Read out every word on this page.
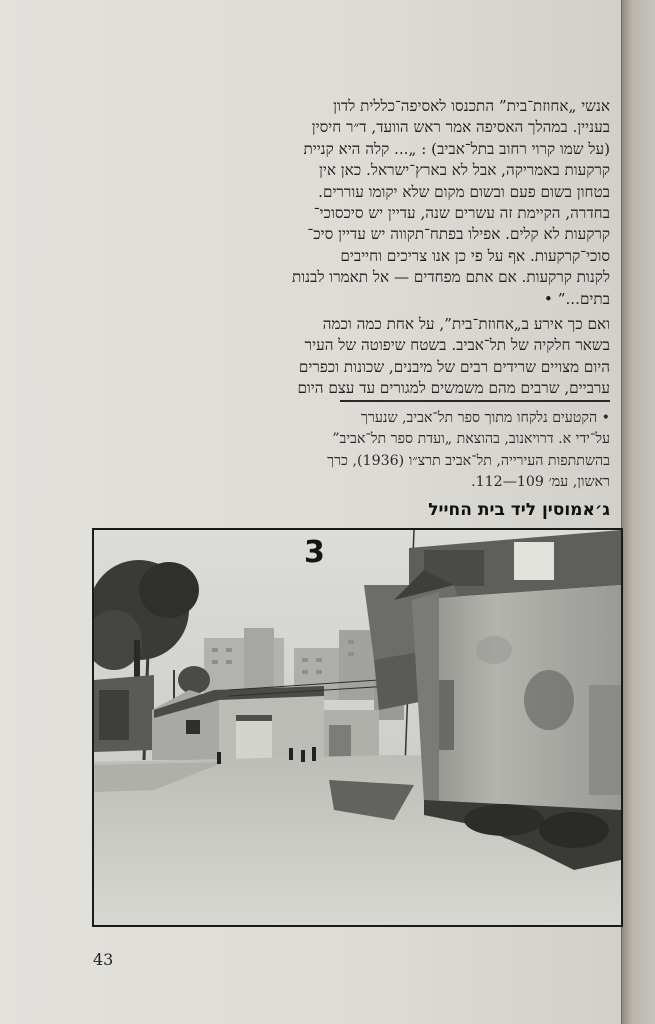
אנשי „אחוזת־בית” התכנסו לאסיפה־כללית לדון
בעניין. במהלך האסיפה אמר ראש הוועד, ד״ר חיסין
(על שמו קרוי רחוב בתל־אביב) : „... קלה היא קניית
קרקעות באמריקה, אבל לא בארץ־ישראל. כאן אין
בטחון בשום פעם ובשום מקום שלא יקומו עוררים.
בחדרה, הקיימת זה עשרים שנה, עדיין יש סיכסוכי־
קרקעות לא קלים. אפילו בפתח־תקווה יש עדיין סיכ־
סוכי־קרקעות. אף על פי כן אנו צריכים וחייבים
לקנות קרקעות. אם אתם מפחדים — אל תאמרו לבנות
בתים...” •
ואם כך אירע ב„אחוזת־בית”, על אחת כמה וכמה
בשאר חלקיה של תל־אביב. בשטח שיפוטה של העיר
היום מצויים שרידים רבים של מיבנים, שכונות וכפרים
ערביים, שרבים מהם משמשים למגורים עד עצם היום
• הקטעים נלקחו מתוך ספר תל־אביב, שנערך
על־ידי א. דרויאנוב, בהוצאת „ועדת ספר תל־אביב”
בהשתתפות העירייה, תל־אביב תרצ״ו (1936), כרך
ראשון, עמ׳ 109—112.
ג׳אמוסין ליד בית החייל
3
43
